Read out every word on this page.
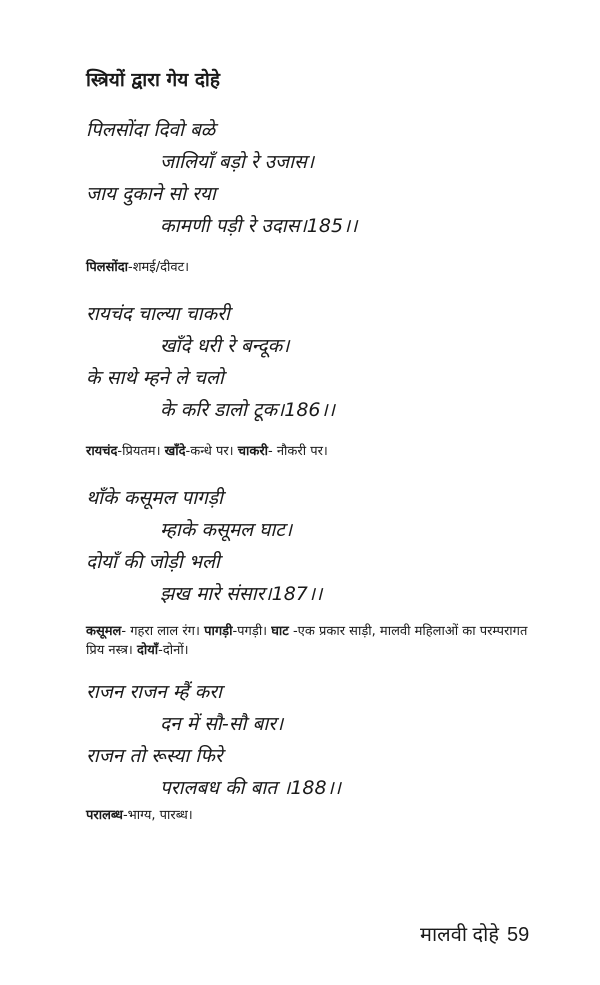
स्त्रियों द्वारा गेय दोहे
पिलसोंदा दिवो बळे
जालियाँ बड़ो रे उजास।
जाय दुकाने सो रया
कामणी पड़ी रे उदास।185।।
पिलसोंदा-शमई/दीवट।
रायचंद चाल्या चाकरी
खाँदे धरी रे बन्दूक।
के साथे म्हने ले चलो
के करि डालो टूक।186।।
रायचंद-प्रियतम। खाँदे-कन्धे पर। चाकरी- नौकरी पर।
थाँके कसूमल पागड़ी
म्हाके कसूमल घाट।
दोयाँ की जोड़ी भली
झख मारे संसार।187।।
कसूमल- गहरा लाल रंग। पागड़ी-पगड़ी। घाट -एक प्रकार साड़ी, मालवी महिलाओं का परम्परागत प्रिय नस्त्र। दोयाँ-दोनों।
राजन राजन म्हैं करा
दन में सौ-सौ बार।
राजन तो रूस्या फिरे
परालबध की बात ।188।।
परालब्ध-भाग्य, पारब्ध।
मालवी दोहे 59
